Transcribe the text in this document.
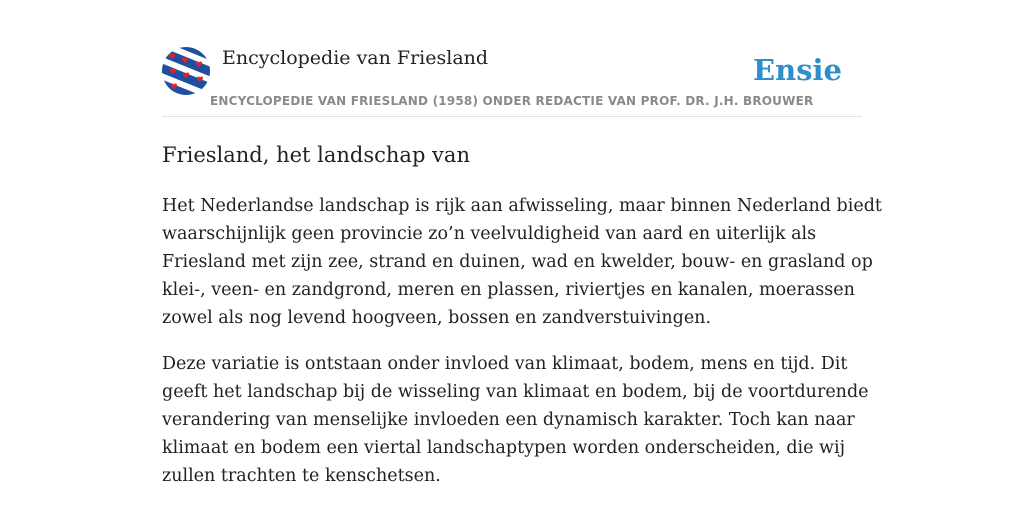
Encyclopedie van Friesland
ENCYCLOPEDIE VAN FRIESLAND (1958) ONDER REDACTIE VAN PROF. DR. J.H. BROUWER
Ensie
Friesland, het landschap van

Het Nederlandse landschap is rijk aan afwisseling, maar binnen Nederland biedt
waarschijnlijk geen provincie zo’n veelvuldigheid van aard en uiterlijk als
Friesland met zijn zee, strand en duinen, wad en kwelder, bouw- en grasland op
klei-, veen- en zandgrond, meren en plassen, riviertjes en kanalen, moerassen
zowel als nog levend hoogveen, bossen en zandverstuivingen.

Deze variatie is ontstaan onder invloed van klimaat, bodem, mens en tijd. Dit
geeft het landschap bij de wisseling van klimaat en bodem, bij de voortdurende
verandering van menselijke invloeden een dynamisch karakter. Toch kan naar
klimaat en bodem een viertal landschaptypen worden onderscheiden, die wij
zullen trachten te kenschetsen.
